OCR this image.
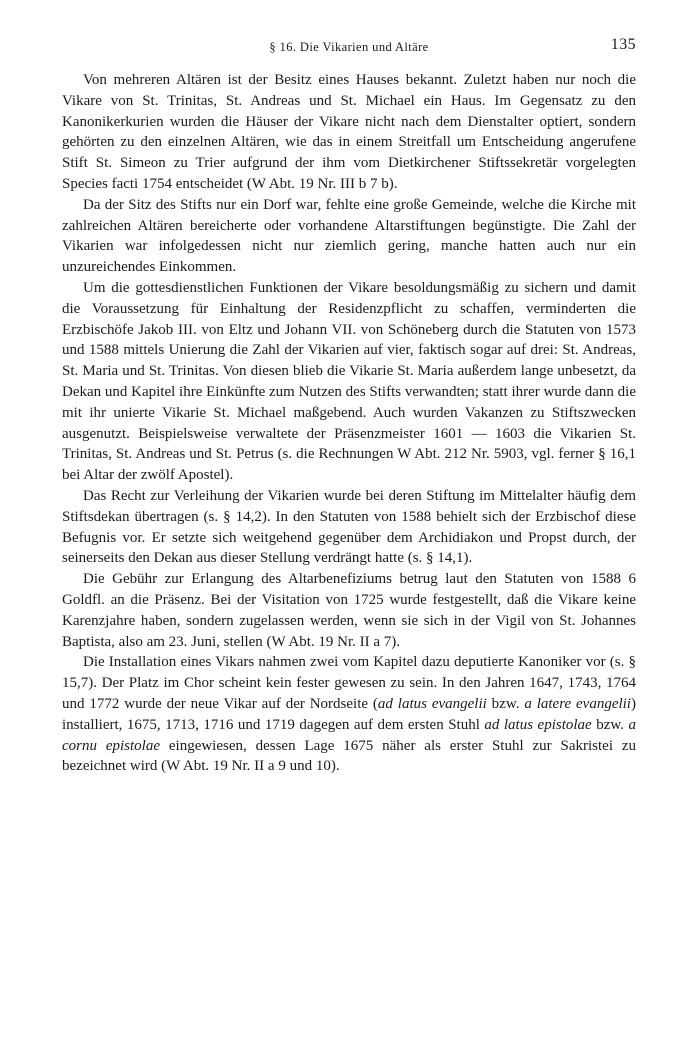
§ 16. Die Vikarien und Altäre	135

Von mehreren Altären ist der Besitz eines Hauses bekannt. Zuletzt haben nur noch die Vikare von St. Trinitas, St. Andreas und St. Michael ein Haus. Im Gegensatz zu den Kanonikerkurien wurden die Häuser der Vikare nicht nach dem Dienstalter optiert, sondern gehörten zu den einzelnen Altären, wie das in einem Streitfall um Entscheidung angerufene Stift St. Simeon zu Trier aufgrund der ihm vom Dietkirchener Stiftssekretär vorgelegten Species facti 1754 entscheidet (W Abt. 19 Nr. III b 7 b).

Da der Sitz des Stifts nur ein Dorf war, fehlte eine große Gemeinde, welche die Kirche mit zahlreichen Altären bereicherte oder vorhandene Altarstiftungen begünstigte. Die Zahl der Vikarien war infolgedessen nicht nur ziemlich gering, manche hatten auch nur ein unzureichendes Einkommen.

Um die gottesdienstlichen Funktionen der Vikare besoldungsmäßig zu sichern und damit die Voraussetzung für Einhaltung der Residenzpflicht zu schaffen, verminderten die Erzbischöfe Jakob III. von Eltz und Johann VII. von Schöneberg durch die Statuten von 1573 und 1588 mittels Unierung die Zahl der Vikarien auf vier, faktisch sogar auf drei: St. Andreas, St. Maria und St. Trinitas. Von diesen blieb die Vikarie St. Maria außerdem lange unbesetzt, da Dekan und Kapitel ihre Einkünfte zum Nutzen des Stifts verwandten; statt ihrer wurde dann die mit ihr unierte Vikarie St. Michael maßgebend. Auch wurden Vakanzen zu Stiftszwecken ausgenutzt. Beispielsweise verwaltete der Präsenzmeister 1601 — 1603 die Vikarien St. Trinitas, St. Andreas und St. Petrus (s. die Rechnungen W Abt. 212 Nr. 5903, vgl. ferner § 16,1 bei Altar der zwölf Apostel).

Das Recht zur Verleihung der Vikarien wurde bei deren Stiftung im Mittelalter häufig dem Stiftsdekan übertragen (s. § 14,2). In den Statuten von 1588 behielt sich der Erzbischof diese Befugnis vor. Er setzte sich weitgehend gegenüber dem Archidiakon und Propst durch, der seinerseits den Dekan aus dieser Stellung verdrängt hatte (s. § 14,1).

Die Gebühr zur Erlangung des Altarbenefiziums betrug laut den Statuten von 1588 6 Goldfl. an die Präsenz. Bei der Visitation von 1725 wurde festgestellt, daß die Vikare keine Karenzjahre haben, sondern zugelassen werden, wenn sie sich in der Vigil von St. Johannes Baptista, also am 23. Juni, stellen (W Abt. 19 Nr. II a 7).

Die Installation eines Vikars nahmen zwei vom Kapitel dazu deputierte Kanoniker vor (s. § 15,7). Der Platz im Chor scheint kein fester gewesen zu sein. In den Jahren 1647, 1743, 1764 und 1772 wurde der neue Vikar auf der Nordseite (ad latus evangelii bzw. a latere evangelii) installiert, 1675, 1713, 1716 und 1719 dagegen auf dem ersten Stuhl ad latus epistolae bzw. a cornu epistolae eingewiesen, dessen Lage 1675 näher als erster Stuhl zur Sakristei zu bezeichnet wird (W Abt. 19 Nr. II a 9 und 10).
